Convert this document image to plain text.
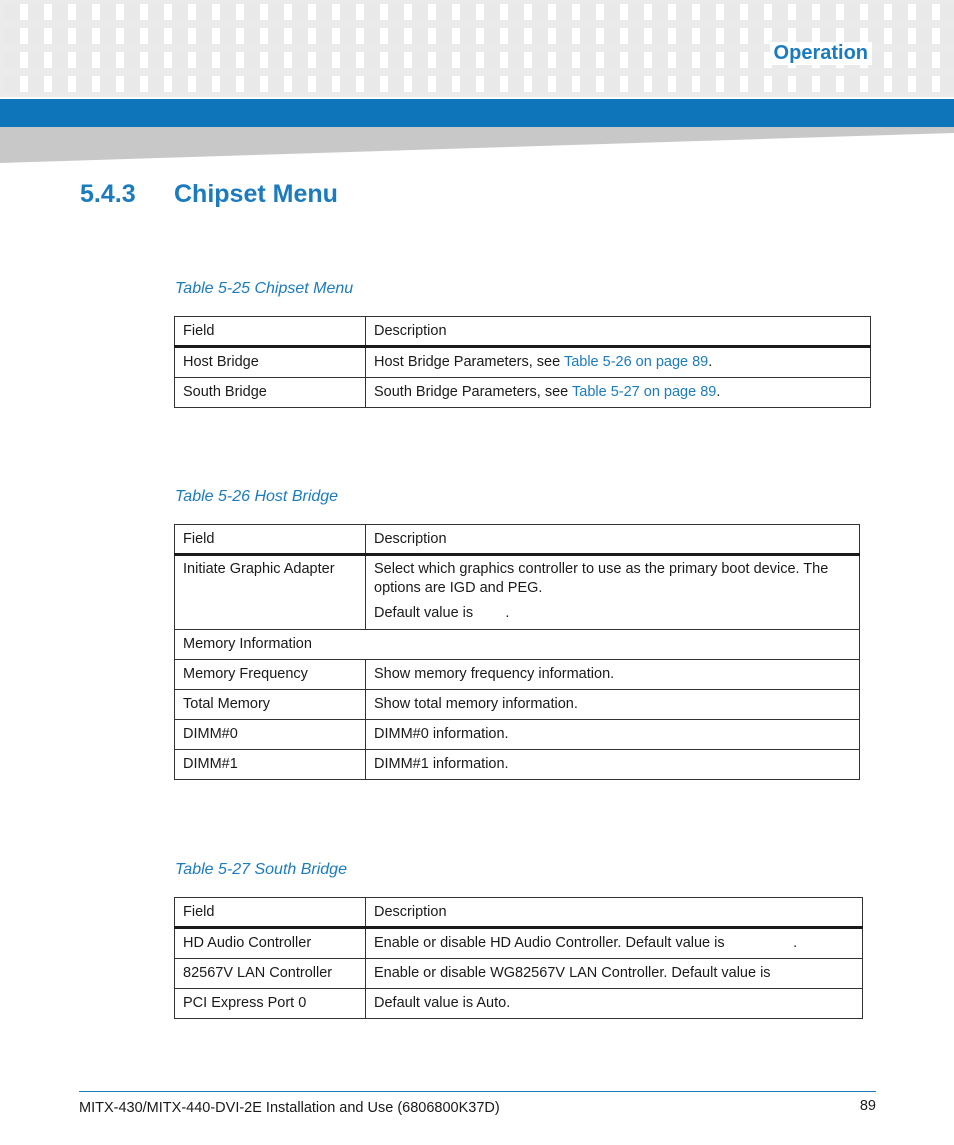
Operation
5.4.3 Chipset Menu

Table 5-25 Chipset Menu

Field	Description
Host Bridge	Host Bridge Parameters, see Table 5-26 on page 89.
South Bridge	South Bridge Parameters, see Table 5-27 on page 89.

Table 5-26 Host Bridge

Field	Description
Initiate Graphic Adapter	Select which graphics controller to use as the primary boot device. The options are IGD and PEG.

Default value is        .

Memory Information	
Memory Frequency	Show memory frequency information.
Total Memory	Show total memory information.
DIMM#0	DIMM#0 information.
DIMM#1	DIMM#1 information.

Table 5-27 South Bridge

Field	Description
HD Audio Controller	Enable or disable HD Audio Controller. Default value is                 .
82567V LAN Controller	Enable or disable WG82567V LAN Controller. Default value is
PCI Express Port 0	Default value is Auto.
MITX-430/MITX-440-DVI-2E Installation and Use (6806800K37D)	89
